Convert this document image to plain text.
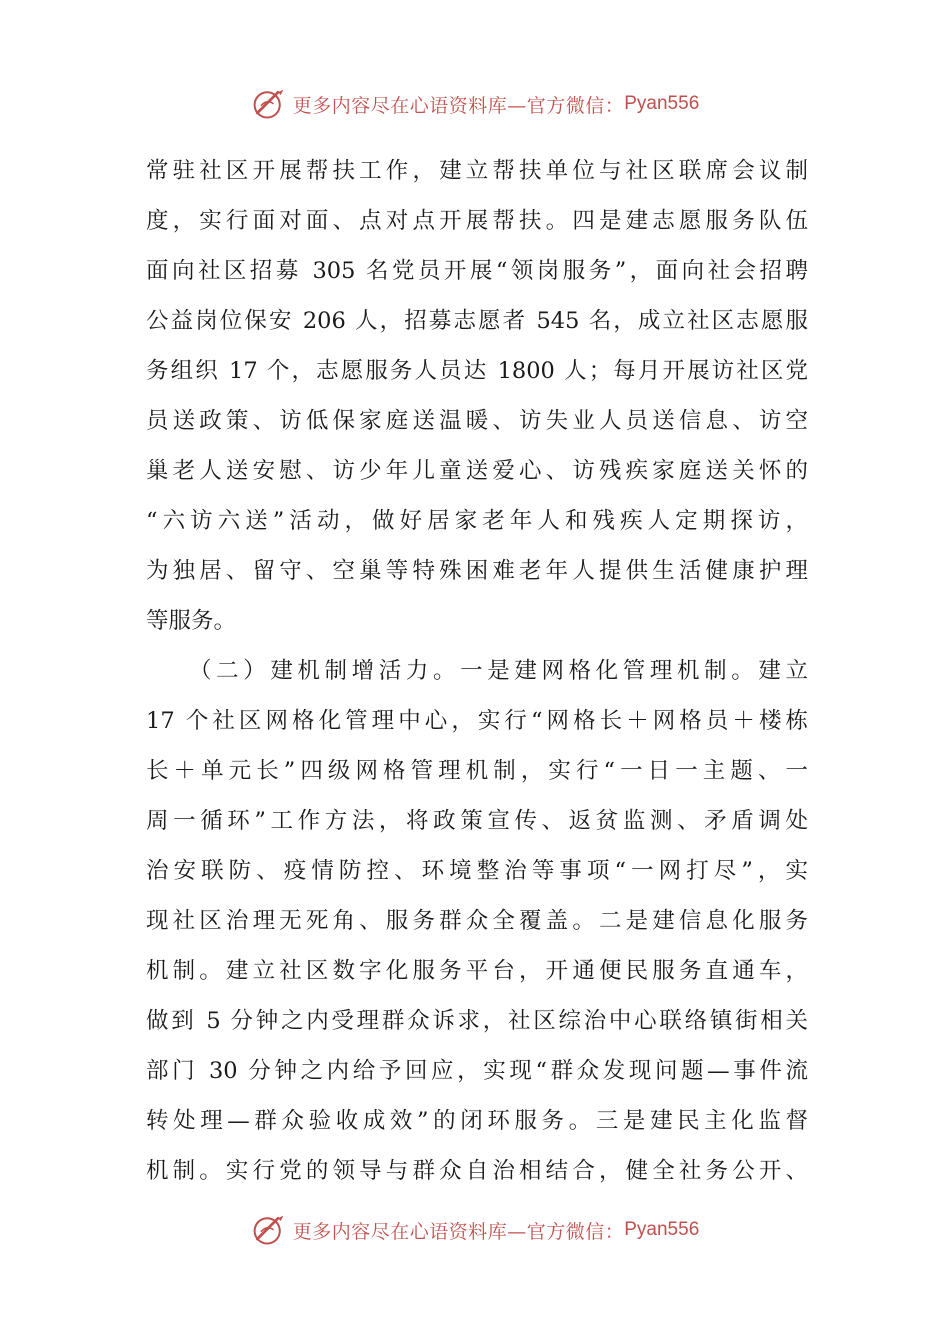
更多内容尽在心语资料库—官方微信： Pyan556
常驻社区开展帮扶工作，建立帮扶单位与社区联席会议制
度，实行面对面、点对点开展帮扶。四是建志愿服务队伍
面向社区招募 305 名党员开展“领岗服务”，面向社会招聘
公益岗位保安 206 人，招募志愿者 545 名，成立社区志愿服
务组织 17 个，志愿服务人员达 1800 人；每月开展访社区党
员送政策、访低保家庭送温暖、访失业人员送信息、访空
巢老人送安慰、访少年儿童送爱心、访残疾家庭送关怀的
“六访六送”活动，做好居家老年人和残疾人定期探访，
为独居、留守、空巢等特殊困难老年人提供生活健康护理
等服务。
　　（二）建机制增活力。一是建网格化管理机制。建立
17 个社区网格化管理中心，实行“网格长＋网格员＋楼栋
长＋单元长”四级网格管理机制，实行“一日一主题、一
周一循环”工作方法，将政策宣传、返贫监测、矛盾调处
治安联防、疫情防控、环境整治等事项“一网打尽”，实
现社区治理无死角、服务群众全覆盖。二是建信息化服务
机制。建立社区数字化服务平台，开通便民服务直通车，
做到 5 分钟之内受理群众诉求，社区综治中心联络镇街相关
部门 30 分钟之内给予回应，实现“群众发现问题—事件流
转处理—群众验收成效”的闭环服务。三是建民主化监督
机制。实行党的领导与群众自治相结合，健全社务公开、
更多内容尽在心语资料库—官方微信： Pyan556
